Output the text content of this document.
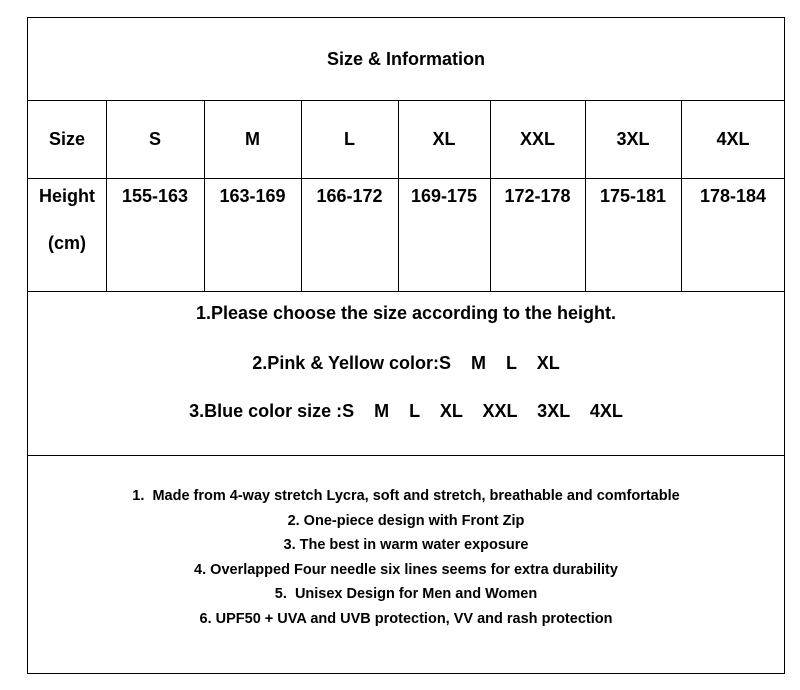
Size & Information
Size	S	M	L	XL	XXL	3XL	4XL
Height	155-163	163-169	166-172	169-175	172-178	175-181	178-184
(cm)
1.Please choose the size according to the height.
2.Pink & Yellow color:S    M    L    XL
3.Blue color size :S    M    L    XL    XXL    3XL    4XL
1.  Made from 4-way stretch Lycra, soft and stretch, breathable and comfortable
2. One-piece design with Front Zip
3. The best in warm water exposure
4. Overlapped Four needle six lines seems for extra durability
5.  Unisex Design for Men and Women
6. UPF50 + UVA and UVB protection, VV and rash protection
